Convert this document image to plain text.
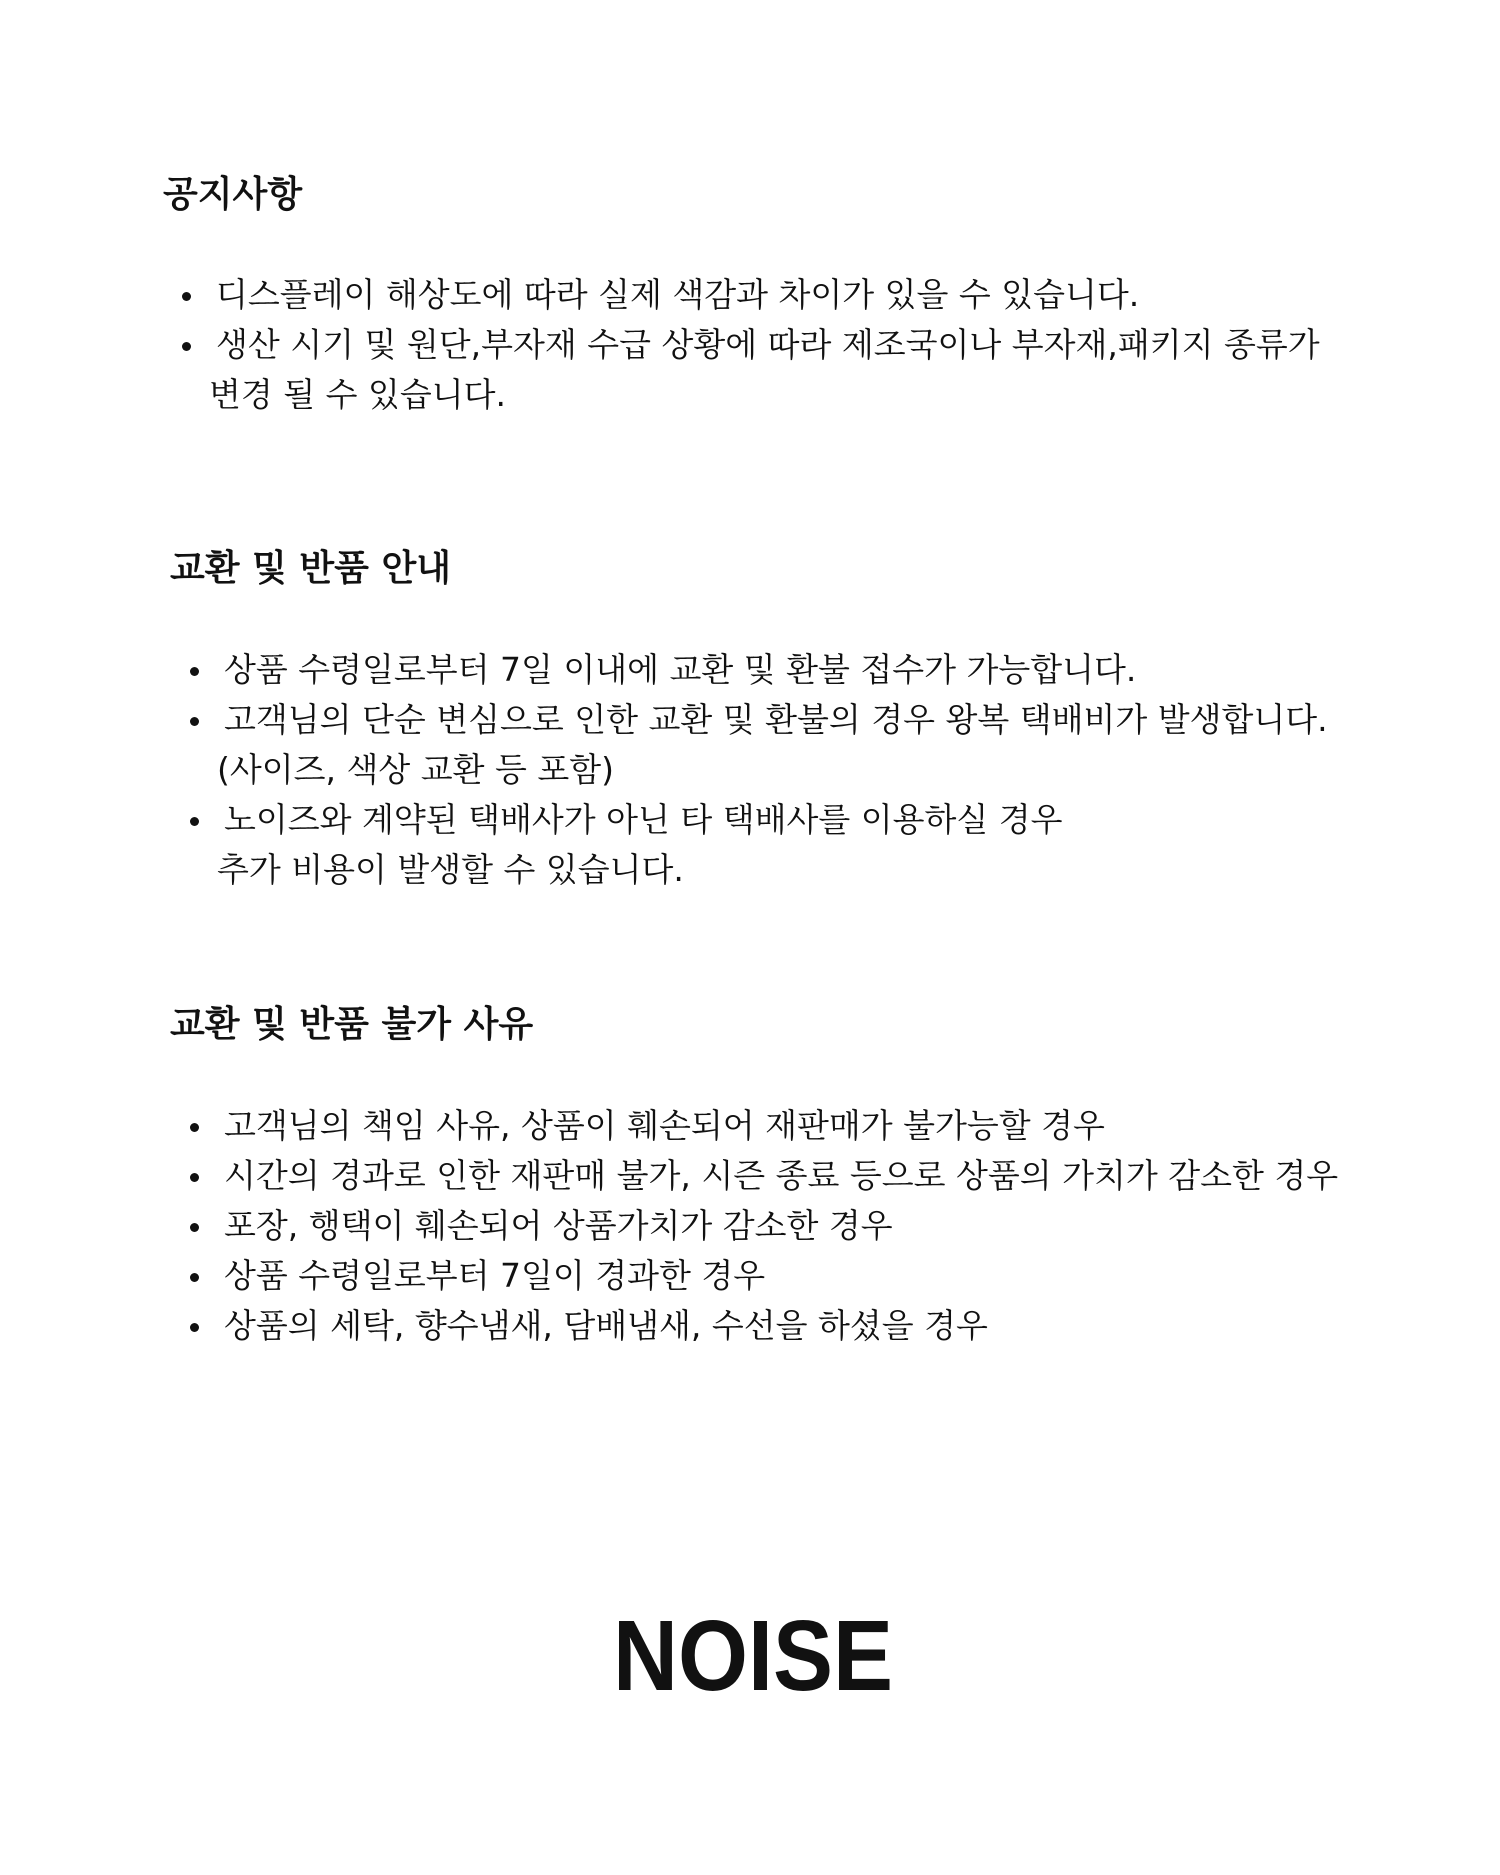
공지사항
디스플레이 해상도에 따라 실제 색감과 차이가 있을 수 있습니다.
생산 시기 및 원단,부자재 수급 상황에 따라 제조국이나 부자재,패키지 종류가
변경 될 수 있습니다.
교환 및 반품 안내
상품 수령일로부터 7일 이내에 교환 및 환불 접수가 가능합니다.
고객님의 단순 변심으로 인한 교환 및 환불의 경우 왕복 택배비가 발생합니다.
(사이즈, 색상 교환 등 포함)
노이즈와 계약된 택배사가 아닌 타 택배사를 이용하실 경우
추가 비용이 발생할 수 있습니다.
교환 및 반품 불가 사유
고객님의 책임 사유, 상품이 훼손되어 재판매가 불가능할 경우
시간의 경과로 인한 재판매 불가, 시즌 종료 등으로 상품의 가치가 감소한 경우
포장, 행택이 훼손되어 상품가치가 감소한 경우
상품 수령일로부터 7일이 경과한 경우
상품의 세탁, 향수냄새, 담배냄새, 수선을 하셨을 경우
NOISE
